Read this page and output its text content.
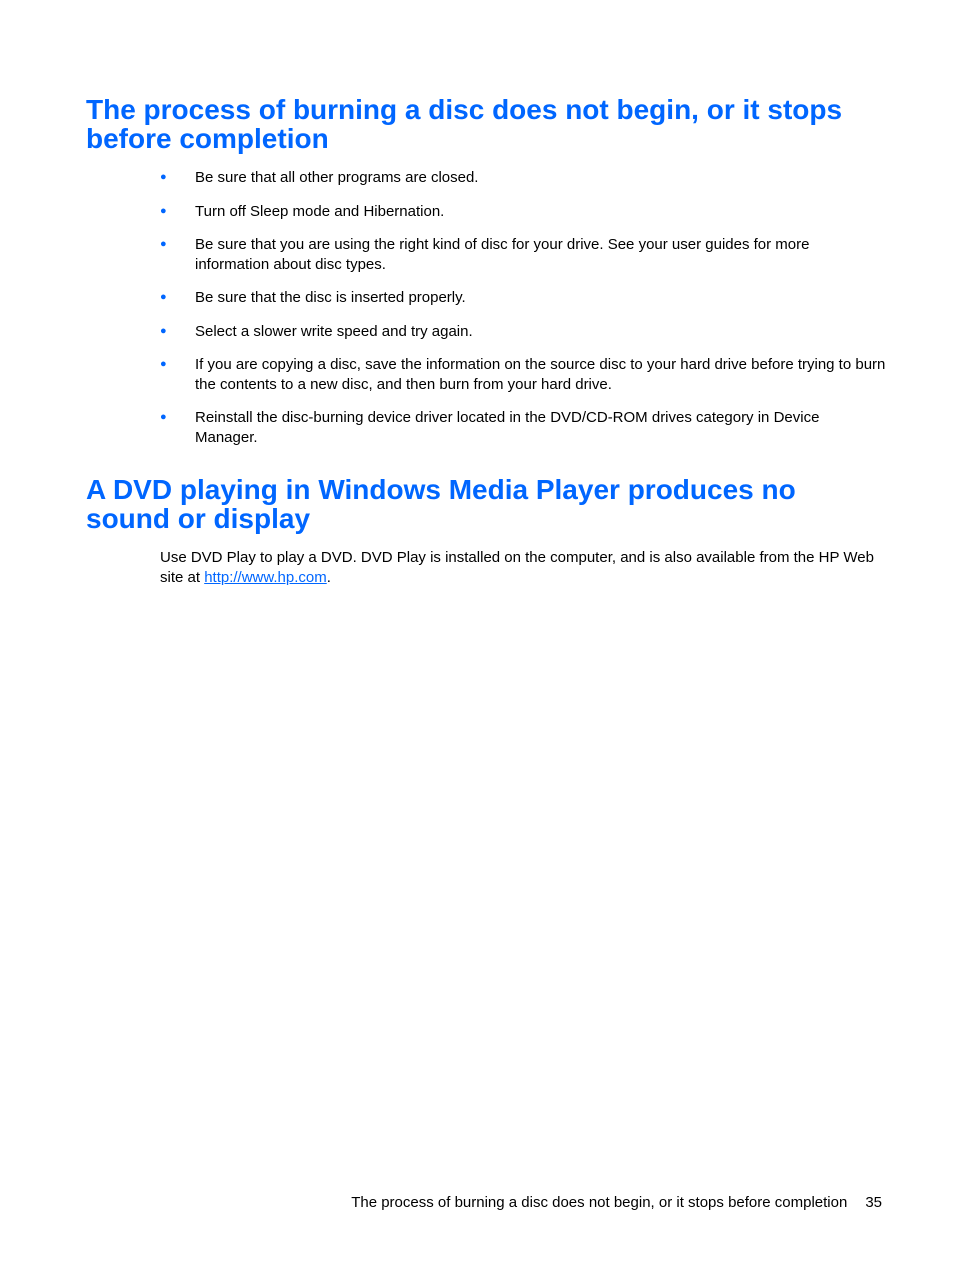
The process of burning a disc does not begin, or it stops before completion
● Be sure that all other programs are closed.
● Turn off Sleep mode and Hibernation.
● Be sure that you are using the right kind of disc for your drive. See your user guides for more information about disc types.
● Be sure that the disc is inserted properly.
● Select a slower write speed and try again.
● If you are copying a disc, save the information on the source disc to your hard drive before trying to burn the contents to a new disc, and then burn from your hard drive.
● Reinstall the disc-burning device driver located in the DVD/CD-ROM drives category in Device Manager.
A DVD playing in Windows Media Player produces no sound or display

Use DVD Play to play a DVD. DVD Play is installed on the computer, and is also available from the HP Web site at http://www.hp.com.

The process of burning a disc does not begin, or it stops before completion 35
